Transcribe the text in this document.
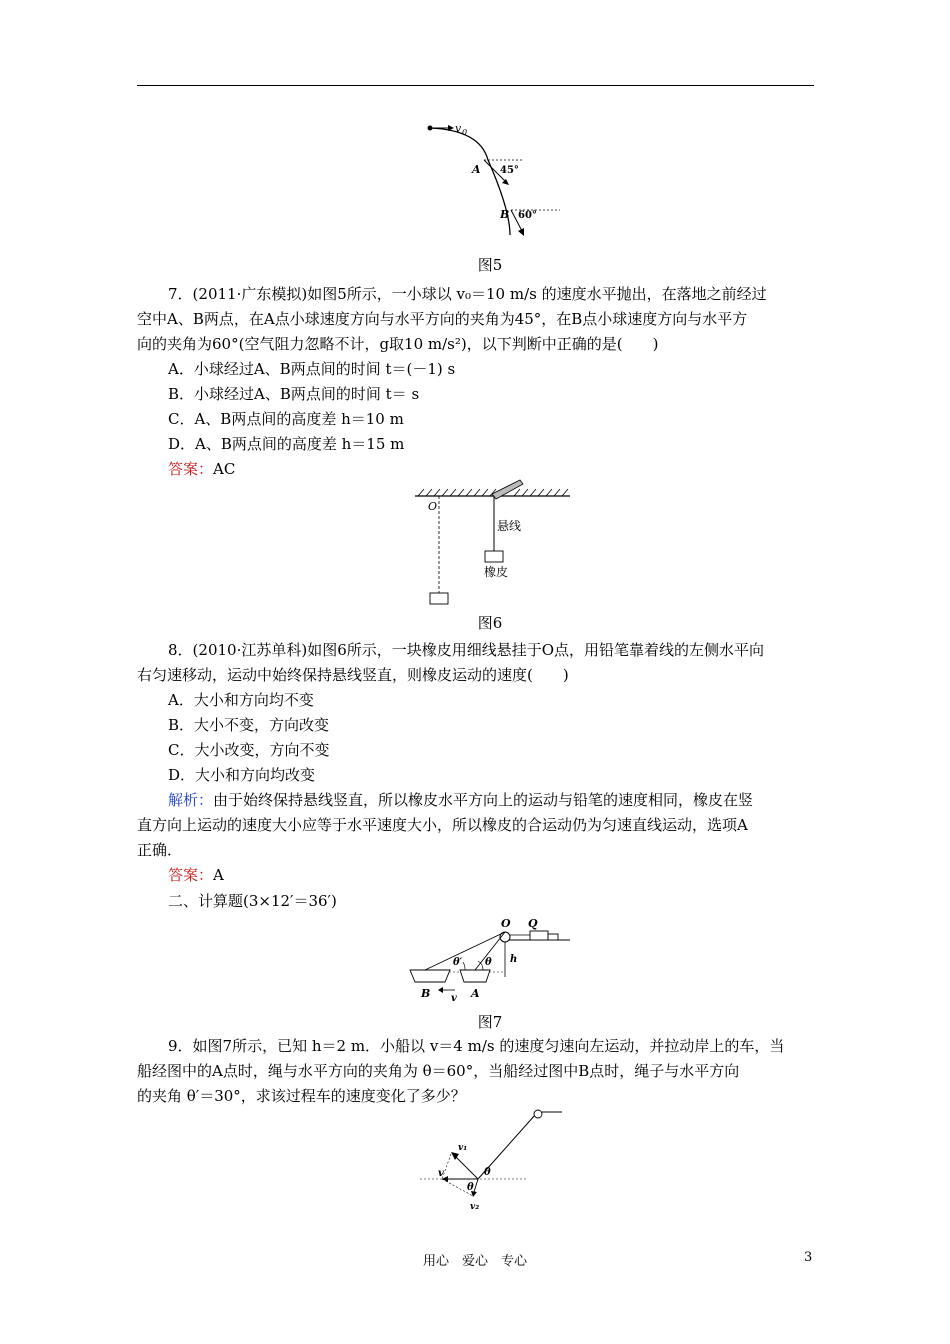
v 0
A 45°
B 60°
图5
7．(2011·广东模拟)如图5所示，一小球以 v₀＝10 m/s 的速度水平抛出，在落地之前经过
空中A、B两点，在A点小球速度方向与水平方向的夹角为45°，在B点小球速度方向与水平方
向的夹角为60°(空气阻力忽略不计，g取10 m/s²)，以下判断中正确的是(　　)
A．小球经过A、B两点间的时间 t＝(－1) s
B．小球经过A、B两点间的时间 t＝ s
C．A、B两点间的高度差 h＝10 m
D．A、B两点间的高度差 h＝15 m
答案：AC
O
悬线
橡皮
图6
8．(2010·江苏单科)如图6所示，一块橡皮用细线悬挂于O点，用铅笔靠着线的左侧水平向
右匀速移动，运动中始终保持悬线竖直，则橡皮运动的速度(　　)
A．大小和方向均不变
B．大小不变，方向改变
C．大小改变，方向不变
D．大小和方向均改变
解析：由于始终保持悬线竖直，所以橡皮水平方向上的运动与铅笔的速度相同，橡皮在竖
直方向上运动的速度大小应等于水平速度大小，所以橡皮的合运动仍为匀速直线运动，选项A
正确．
答案：A
二、计算题(3×12′＝36′)
O Q
θ′ θ h
B v A
图7
9．如图7所示，已知 h＝2 m．小船以 v＝4 m/s 的速度匀速向左运动，并拉动岸上的车，当
船经图中的A点时，绳与水平方向的夹角为 θ＝60°，当船经过图中B点时，绳子与水平方向
的夹角 θ′＝30°，求该过程车的速度变化了多少？
v₁
v	θ
θ
v₂
用心　爱心　专心	3
